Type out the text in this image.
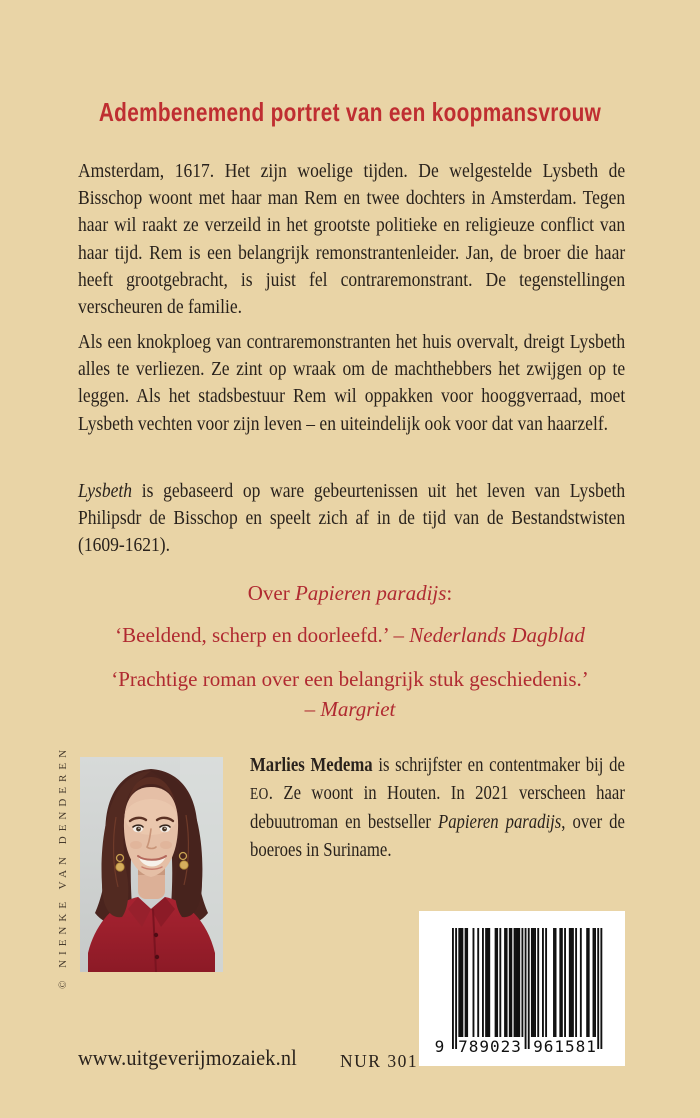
Adembenemend portret van een koopmansvrouw

Amsterdam, 1617. Het zijn woelige tijden. De welgestelde Lysbeth de Bisschop woont met haar man Rem en twee dochters in Amsterdam. Tegen haar wil raakt ze verzeild in het grootste politieke en religieuze conflict van haar tijd. Rem is een belangrijk remonstrantenleider. Jan, de broer die haar heeft grootgebracht, is juist fel contraremonstrant. De tegenstellingen verscheuren de familie.

Als een knokploeg van contraremonstranten het huis overvalt, dreigt Lysbeth alles te verliezen. Ze zint op wraak om de machthebbers het zwijgen op te leggen. Als het stadsbestuur Rem wil oppakken voor hooggverraad, moet Lysbeth vechten voor zijn leven – en uiteindelijk ook voor dat van haarzelf.

Lysbeth is gebaseerd op ware gebeurtenissen uit het leven van Lysbeth Philipsdr de Bisschop en speelt zich af in de tijd van de Bestandstwisten (1609-1621).

Over Papieren paradijs:

‘Beeldend, scherp en doorleefd.’ – Nederlands Dagblad

‘Prachtige roman over een belangrijk stuk geschiedenis.’

– Margriet

© NIENKE VAN DENDEREN	Marlies Medema is schrijfster en contentmaker bij de EO. Ze woont in Houten. In 2021 verscheen haar debuutroman en bestseller Papieren paradijs, over de boeroes in Suriname.

9 789023 961581

www.uitgeverijmozaiek.nl NUR 301
